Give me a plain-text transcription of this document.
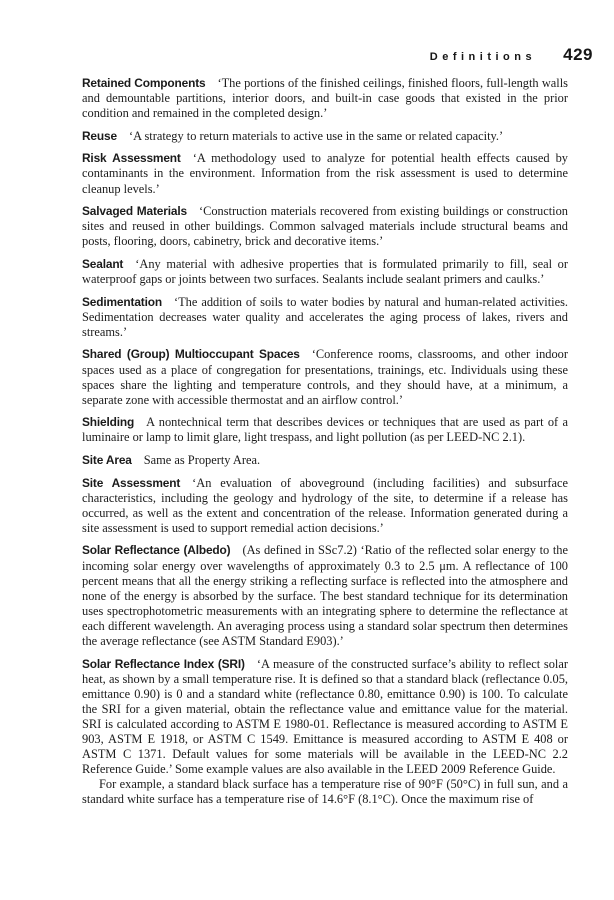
Definitions 429

Retained Components ‘The portions of the finished ceilings, finished floors, full-length walls and demountable partitions, interior doors, and built-in case goods that existed in the prior condition and remained in the completed design.’

Reuse ‘A strategy to return materials to active use in the same or related capacity.’

Risk Assessment ‘A methodology used to analyze for potential health effects caused by contaminants in the environment. Information from the risk assessment is used to determine cleanup levels.’

Salvaged Materials ‘Construction materials recovered from existing buildings or construction sites and reused in other buildings. Common salvaged materials include structural beams and posts, flooring, doors, cabinetry, brick and decorative items.’

Sealant ‘Any material with adhesive properties that is formulated primarily to fill, seal or waterproof gaps or joints between two surfaces. Sealants include sealant primers and caulks.’

Sedimentation ‘The addition of soils to water bodies by natural and human-related activities. Sedimentation decreases water quality and accelerates the aging process of lakes, rivers and streams.’

Shared (Group) Multioccupant Spaces ‘Conference rooms, classrooms, and other indoor spaces used as a place of congregation for presentations, trainings, etc. Individuals using these spaces share the lighting and temperature controls, and they should have, at a minimum, a separate zone with accessible thermostat and an airflow control.’

Shielding A nontechnical term that describes devices or techniques that are used as part of a luminaire or lamp to limit glare, light trespass, and light pollution (as per LEED-NC 2.1).

Site Area Same as Property Area.

Site Assessment ‘An evaluation of aboveground (including facilities) and subsurface characteristics, including the geology and hydrology of the site, to determine if a release has occurred, as well as the extent and concentration of the release. Information generated during a site assessment is used to support remedial action decisions.’

Solar Reflectance (Albedo) (As defined in SSc7.2) ‘Ratio of the reflected solar energy to the incoming solar energy over wavelengths of approximately 0.3 to 2.5 μm. A reflectance of 100 percent means that all the energy striking a reflecting surface is reflected into the atmosphere and none of the energy is absorbed by the surface. The best standard technique for its determination uses spectrophotometric measurements with an integrating sphere to determine the reflectance at each different wavelength. An averaging process using a standard solar spectrum then determines the average reflectance (see ASTM Standard E903).’

Solar Reflectance Index (SRI) ‘A measure of the constructed surface’s ability to reflect solar heat, as shown by a small temperature rise. It is defined so that a standard black (reflectance 0.05, emittance 0.90) is 0 and a standard white (reflectance 0.80, emittance 0.90) is 100. To calculate the SRI for a given material, obtain the reflectance value and emittance value for the material. SRI is calculated according to ASTM E 1980-01. Reflectance is measured according to ASTM E 903, ASTM E 1918, or ASTM C 1549. Emittance is measured according to ASTM E 408 or ASTM C 1371. Default values for some materials will be available in the LEED-NC 2.2 Reference Guide.’ Some example values are also available in the LEED 2009 Reference Guide.

For example, a standard black surface has a temperature rise of 90°F (50°C) in full sun, and a standard white surface has a temperature rise of 14.6°F (8.1°C). Once the maximum rise of
